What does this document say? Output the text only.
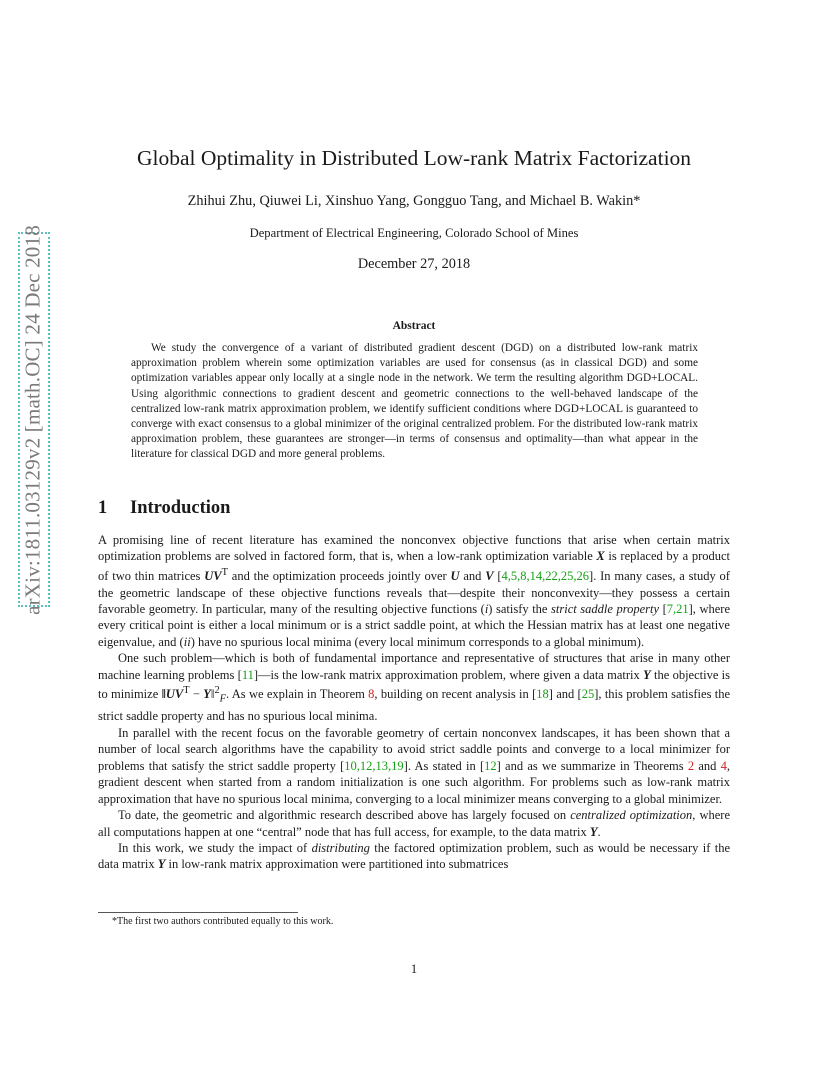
arXiv:1811.03129v2 [math.OC] 24 Dec 2018
Global Optimality in Distributed Low-rank Matrix Factorization
Zhihui Zhu, Qiuwei Li, Xinshuo Yang, Gongguo Tang, and Michael B. Wakin*
Department of Electrical Engineering, Colorado School of Mines
December 27, 2018
Abstract
We study the convergence of a variant of distributed gradient descent (DGD) on a distributed low-rank matrix approximation problem wherein some optimization variables are used for consensus (as in classical DGD) and some optimization variables appear only locally at a single node in the network. We term the resulting algorithm DGD+LOCAL. Using algorithmic connections to gradient descent and geometric connections to the well-behaved landscape of the centralized low-rank matrix approximation problem, we identify sufficient conditions where DGD+LOCAL is guaranteed to converge with exact consensus to a global minimizer of the original centralized problem. For the distributed low-rank matrix approximation problem, these guarantees are stronger—in terms of consensus and optimality—than what appear in the literature for classical DGD and more general problems.
1 Introduction

A promising line of recent literature has examined the nonconvex objective functions that arise when certain matrix optimization problems are solved in factored form, that is, when a low-rank optimization variable X is replaced by a product of two thin matrices $UV^T$ and the optimization proceeds jointly over U and V [4,5,8,14,22,25,26]. In many cases, a study of the geometric landscape of these objective functions reveals that—despite their nonconvexity—they possess a certain favorable geometry. In particular, many of the resulting objective functions (i) satisfy the strict saddle property [7,21], where every critical point is either a local minimum or is a strict saddle point, at which the Hessian matrix has at least one negative eigenvalue, and (ii) have no spurious local minima (every local minimum corresponds to a global minimum).

One such problem—which is both of fundamental importance and representative of structures that arise in many other machine learning problems [11]—is the low-rank matrix approximation problem, where given a data matrix Y the objective is to minimize $‖UV^T$ − Y‖$^2_F$. As we explain in Theorem 8, building on recent analysis in [18] and [25], this problem satisfies the strict saddle property and has no spurious local minima.

In parallel with the recent focus on the favorable geometry of certain nonconvex landscapes, it has been shown that a number of local search algorithms have the capability to avoid strict saddle points and converge to a local minimizer for problems that satisfy the strict saddle property [10,12,13,19]. As stated in [12] and as we summarize in Theorems 2 and 4, gradient descent when started from a random initialization is one such algorithm. For problems such as low-rank matrix approximation that have no spurious local minima, converging to a local minimizer means converging to a global minimizer.

To date, the geometric and algorithmic research described above has largely focused on centralized optimization, where all computations happen at one “central” node that has full access, for example, to the data matrix Y.

In this work, we study the impact of distributing the factored optimization problem, such as would be necessary if the data matrix Y in low-rank matrix approximation were partitioned into submatrices

*The first two authors contributed equally to this work.
1
